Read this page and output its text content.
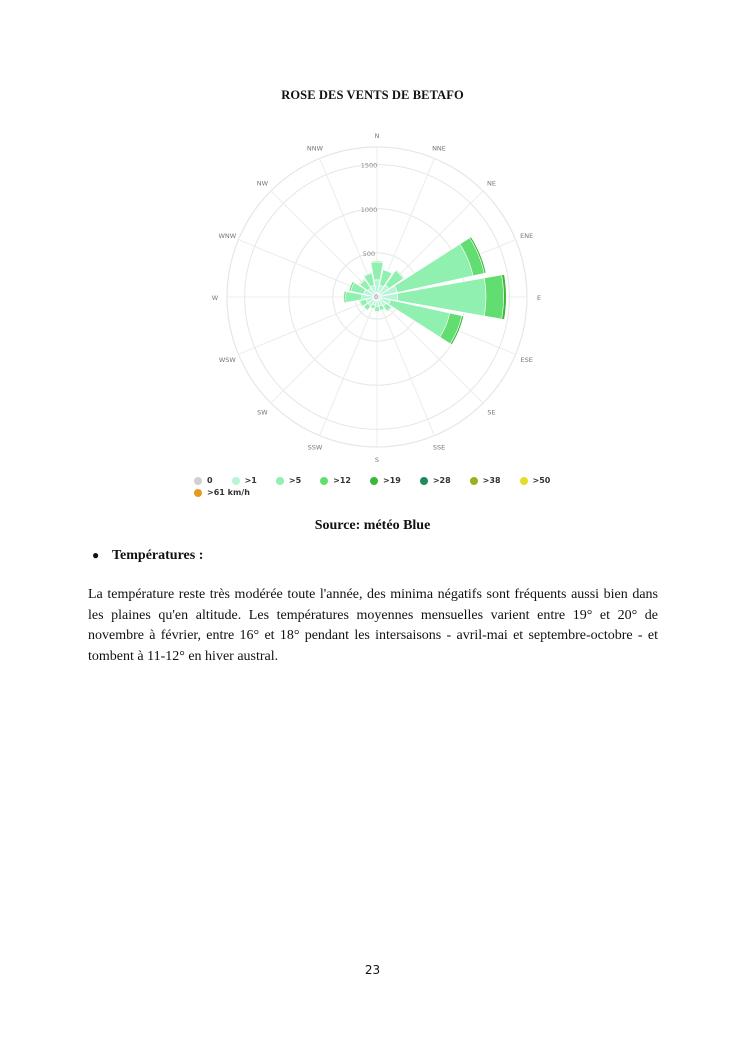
ROSE DES VENTS DE BETAFO
N
NNE
NE
ENE
E
ESE
SE
SSE
S
SSW
SW
WSW
W
WNW
NW
NNW
500
1000
1500
0
0	>1	>5	>12	>19	>28	>38	>50
>61 km/h
Source: météo Blue
● Températures :
La température reste très modérée toute l'année, des minima négatifs sont fréquents aussi bien dans les plaines qu'en altitude. Les températures moyennes mensuelles varient entre 19° et 20° de novembre à février, entre 16° et 18° pendant les intersaisons - avril-mai et septembre-octobre - et tombent à 11-12° en hiver austral.
23
